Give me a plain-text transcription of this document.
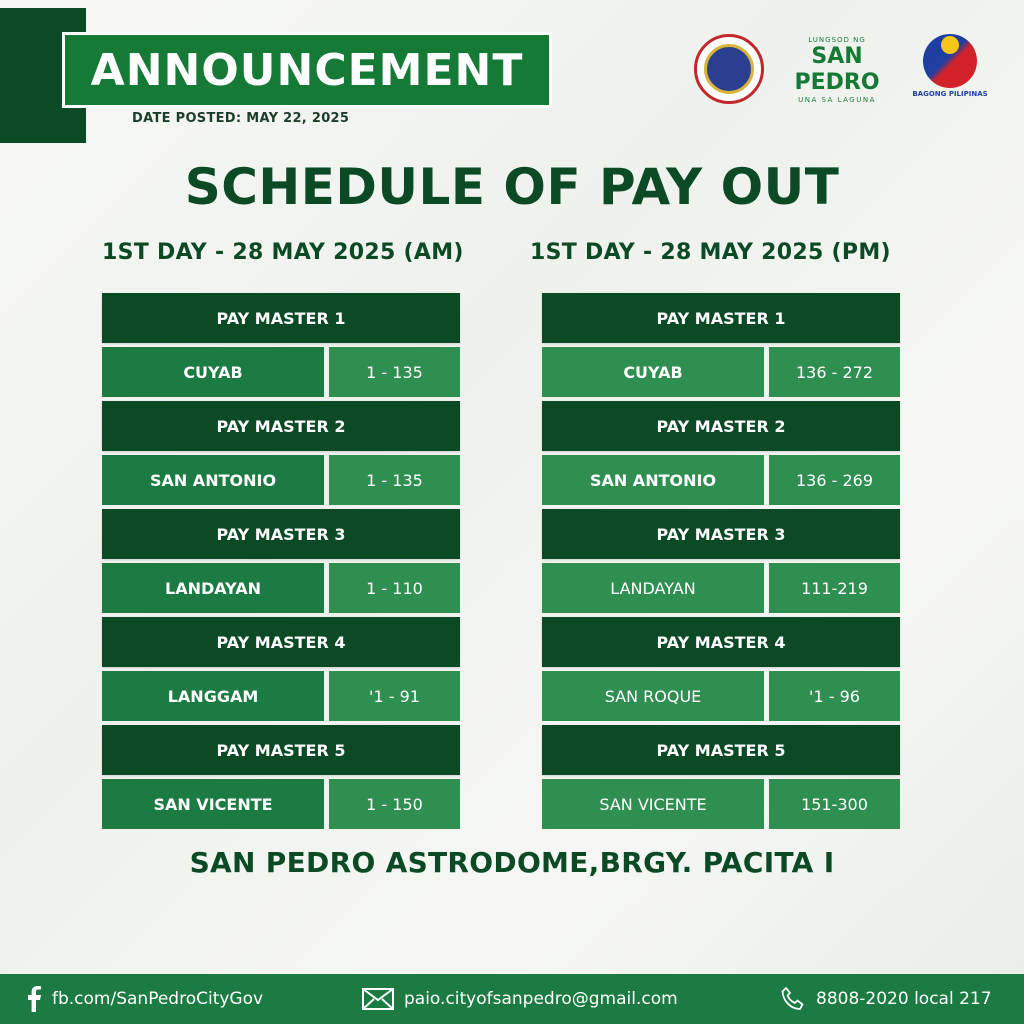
ANNOUNCEMENT
DATE POSTED: MAY 22, 2025
LUNGSOD NG
SAN PEDRO
UNA SA LAGUNA
BAGONG PILIPINAS
SCHEDULE OF PAY OUT
1ST DAY - 28 MAY 2025 (AM)	1ST DAY - 28 MAY 2025 (PM)
PAY MASTER 1
CUYAB	1 - 135
PAY MASTER 2
SAN ANTONIO	1 - 135
PAY MASTER 3
LANDAYAN	1 - 110
PAY MASTER 4
LANGGAM	'1 - 91
PAY MASTER 5
SAN VICENTE	1 - 150
PAY MASTER 1
CUYAB	136 - 272
PAY MASTER 2
SAN ANTONIO	136 - 269
PAY MASTER 3
LANDAYAN	111-219
PAY MASTER 4
SAN ROQUE	'1 - 96
PAY MASTER 5
SAN VICENTE	151-300
SAN PEDRO ASTRODOME,BRGY. PACITA I
fb.com/SanPedroCityGov	paio.cityofsanpedro@gmail.com	8808-2020 local 217
